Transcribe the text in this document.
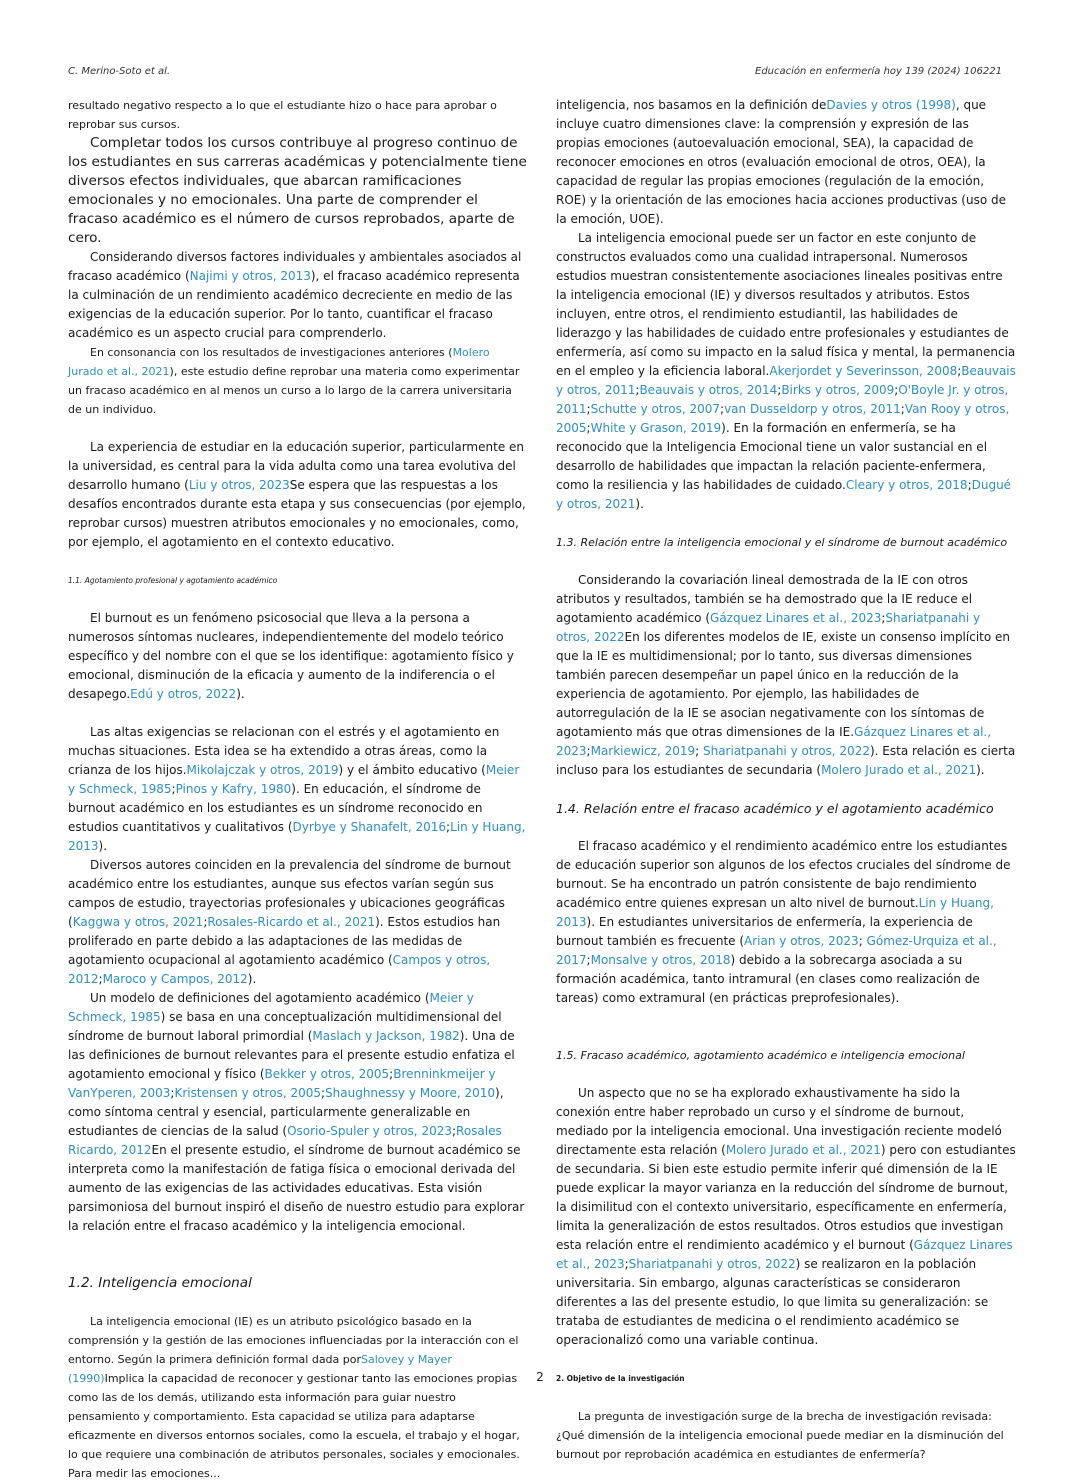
C. Merino-Soto et al.	Educación en enfermería hoy 139 (2024) 106221

resultado negativo respecto a lo que el estudiante hizo o hace para aprobar o reprobar sus cursos.

Completar todos los cursos contribuye al progreso continuo de los estudiantes en sus carreras académicas y potencialmente tiene diversos efectos individuales, que abarcan ramificaciones emocionales y no emocionales. Una parte de comprender el fracaso académico es el número de cursos reprobados, aparte de cero.

Considerando diversos factores individuales y ambientales asociados al fracaso académico (Najimi y otros, 2013), el fracaso académico representa la culminación de un rendimiento académico decreciente en medio de las exigencias de la educación superior. Por lo tanto, cuantificar el fracaso académico es un aspecto crucial para comprenderlo.

En consonancia con los resultados de investigaciones anteriores (Molero Jurado et al., 2021), este estudio define reprobar una materia como experimentar un fracaso académico en al menos un curso a lo largo de la carrera universitaria de un individuo.

La experiencia de estudiar en la educación superior, particularmente en la universidad, es central para la vida adulta como una tarea evolutiva del desarrollo humano (Liu y otros, 2023Se espera que las respuestas a los desafíos encontrados durante esta etapa y sus consecuencias (por ejemplo, reprobar cursos) muestren atributos emocionales y no emocionales, como, por ejemplo, el agotamiento en el contexto educativo.

1.1. Agotamiento profesional y agotamiento académico

El burnout es un fenómeno psicosocial que lleva a la persona a numerosos síntomas nucleares, independientemente del modelo teórico específico y del nombre con el que se los identifique: agotamiento físico y emocional, disminución de la eficacia y aumento de la indiferencia o el desapego.Edú y otros, 2022).

Las altas exigencias se relacionan con el estrés y el agotamiento en muchas situaciones. Esta idea se ha extendido a otras áreas, como la crianza de los hijos.Mikolajczak y otros, 2019) y el ámbito educativo (Meier y Schmeck, 1985;Pinos y Kafry, 1980). En educación, el síndrome de burnout académico en los estudiantes es un síndrome reconocido en estudios cuantitativos y cualitativos (Dyrbye y Shanafelt, 2016;Lin y Huang, 2013).

Diversos autores coinciden en la prevalencia del síndrome de burnout académico entre los estudiantes, aunque sus efectos varían según sus campos de estudio, trayectorias profesionales y ubicaciones geográficas (Kaggwa y otros, 2021;Rosales-Ricardo et al., 2021). Estos estudios han proliferado en parte debido a las adaptaciones de las medidas de agotamiento ocupacional al agotamiento académico (Campos y otros, 2012;Maroco y Campos, 2012).

Un modelo de definiciones del agotamiento académico (Meier y Schmeck, 1985) se basa en una conceptualización multidimensional del síndrome de burnout laboral primordial (Maslach y Jackson, 1982). Una de las definiciones de burnout relevantes para el presente estudio enfatiza el agotamiento emocional y físico (Bekker y otros, 2005;Brenninkmeijer y VanYperen, 2003;Kristensen y otros, 2005;Shaughnessy y Moore, 2010), como síntoma central y esencial, particularmente generalizable en estudiantes de ciencias de la salud (Osorio-Spuler y otros, 2023;Rosales Ricardo, 2012En el presente estudio, el síndrome de burnout académico se interpreta como la manifestación de fatiga física o emocional derivada del aumento de las exigencias de las actividades educativas. Esta visión parsimoniosa del burnout inspiró el diseño de nuestro estudio para explorar la relación entre el fracaso académico y la inteligencia emocional.

1.2. Inteligencia emocional

La inteligencia emocional (IE) es un atributo psicológico basado en la comprensión y la gestión de las emociones influenciadas por la interacción con el entorno. Según la primera definición formal dada porSalovey y Mayer (1990)Implica la capacidad de reconocer y gestionar tanto las emociones propias como las de los demás, utilizando esta información para guiar nuestro pensamiento y comportamiento. Esta capacidad se utiliza para adaptarse eficazmente en diversos entornos sociales, como la escuela, el trabajo y el hogar, lo que requiere una combinación de atributos personales, sociales y emocionales. Para medir las emociones...

inteligencia, nos basamos en la definición deDavies y otros (1998), que incluye cuatro dimensiones clave: la comprensión y expresión de las propias emociones (autoevaluación emocional, SEA), la capacidad de reconocer emociones en otros (evaluación emocional de otros, OEA), la capacidad de regular las propias emociones (regulación de la emoción, ROE) y la orientación de las emociones hacia acciones productivas (uso de la emoción, UOE).

La inteligencia emocional puede ser un factor en este conjunto de constructos evaluados como una cualidad intrapersonal. Numerosos estudios muestran consistentemente asociaciones lineales positivas entre la inteligencia emocional (IE) y diversos resultados y atributos. Estos incluyen, entre otros, el rendimiento estudiantil, las habilidades de liderazgo y las habilidades de cuidado entre profesionales y estudiantes de enfermería, así como su impacto en la salud física y mental, la permanencia en el empleo y la eficiencia laboral.Akerjordet y Severinsson, 2008;Beauvais y otros, 2011;Beauvais y otros, 2014;Birks y otros, 2009;O'Boyle Jr. y otros, 2011;Schutte y otros, 2007;van Dusseldorp y otros, 2011;Van Rooy y otros, 2005;White y Grason, 2019). En la formación en enfermería, se ha reconocido que la Inteligencia Emocional tiene un valor sustancial en el desarrollo de habilidades que impactan la relación paciente-enfermera, como la resiliencia y las habilidades de cuidado.Cleary y otros, 2018;Dugué y otros, 2021).

1.3. Relación entre la inteligencia emocional y el síndrome de burnout académico

Considerando la covariación lineal demostrada de la IE con otros atributos y resultados, también se ha demostrado que la IE reduce el agotamiento académico (Gázquez Linares et al., 2023;Shariatpanahi y otros, 2022En los diferentes modelos de IE, existe un consenso implícito en que la IE es multidimensional; por lo tanto, sus diversas dimensiones también parecen desempeñar un papel único en la reducción de la experiencia de agotamiento. Por ejemplo, las habilidades de autorregulación de la IE se asocian negativamente con los síntomas de agotamiento más que otras dimensiones de la IE.Gázquez Linares et al., 2023;Markiewicz, 2019; Shariatpanahi y otros, 2022). Esta relación es cierta incluso para los estudiantes de secundaria (Molero Jurado et al., 2021).

1.4. Relación entre el fracaso académico y el agotamiento académico

El fracaso académico y el rendimiento académico entre los estudiantes de educación superior son algunos de los efectos cruciales del síndrome de burnout. Se ha encontrado un patrón consistente de bajo rendimiento académico entre quienes expresan un alto nivel de burnout.Lin y Huang, 2013). En estudiantes universitarios de enfermería, la experiencia de burnout también es frecuente (Arian y otros, 2023; Gómez-Urquiza et al., 2017;Monsalve y otros, 2018) debido a la sobrecarga asociada a su formación académica, tanto intramural (en clases como realización de tareas) como extramural (en prácticas preprofesionales).

1.5. Fracaso académico, agotamiento académico e inteligencia emocional

Un aspecto que no se ha explorado exhaustivamente ha sido la conexión entre haber reprobado un curso y el síndrome de burnout, mediado por la inteligencia emocional. Una investigación reciente modeló directamente esta relación (Molero Jurado et al., 2021) pero con estudiantes de secundaria. Si bien este estudio permite inferir qué dimensión de la IE puede explicar la mayor varianza en la reducción del síndrome de burnout, la disimilitud con el contexto universitario, específicamente en enfermería, limita la generalización de estos resultados. Otros estudios que investigan esta relación entre el rendimiento académico y el burnout (Gázquez Linares et al., 2023;Shariatpanahi y otros, 2022) se realizaron en la población universitaria. Sin embargo, algunas características se consideraron diferentes a las del presente estudio, lo que limita su generalización: se trataba de estudiantes de medicina o el rendimiento académico se operacionalizó como una variable continua.

2. Objetivo de la investigación

La pregunta de investigación surge de la brecha de investigación revisada: ¿Qué dimensión de la inteligencia emocional puede mediar en la disminución del burnout por reprobación académica en estudiantes de enfermería?

2
